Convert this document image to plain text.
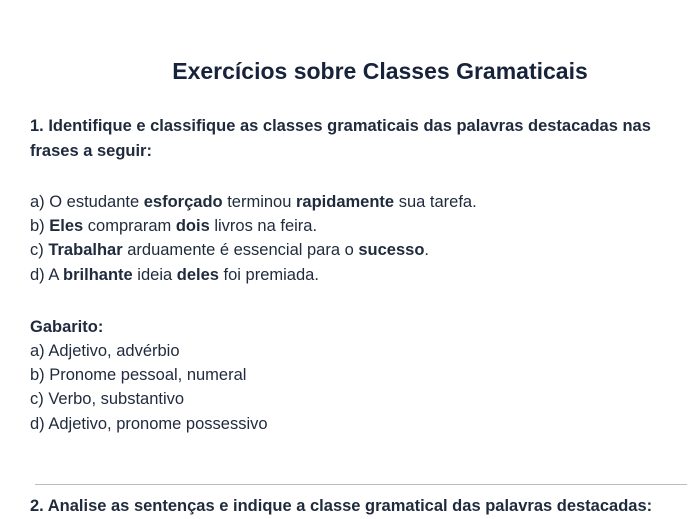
Exercícios sobre Classes Gramaticais
1. Identifique e classifique as classes gramaticais das palavras destacadas nas frases a seguir:
a) O estudante esforçado terminou rapidamente sua tarefa.
b) Eles compraram dois livros na feira.
c) Trabalhar arduamente é essencial para o sucesso.
d) A brilhante ideia deles foi premiada.
Gabarito:
a) Adjetivo, advérbio
b) Pronome pessoal, numeral
c) Verbo, substantivo
d) Adjetivo, pronome possessivo
2. Analise as sentenças e indique a classe gramatical das palavras destacadas:
